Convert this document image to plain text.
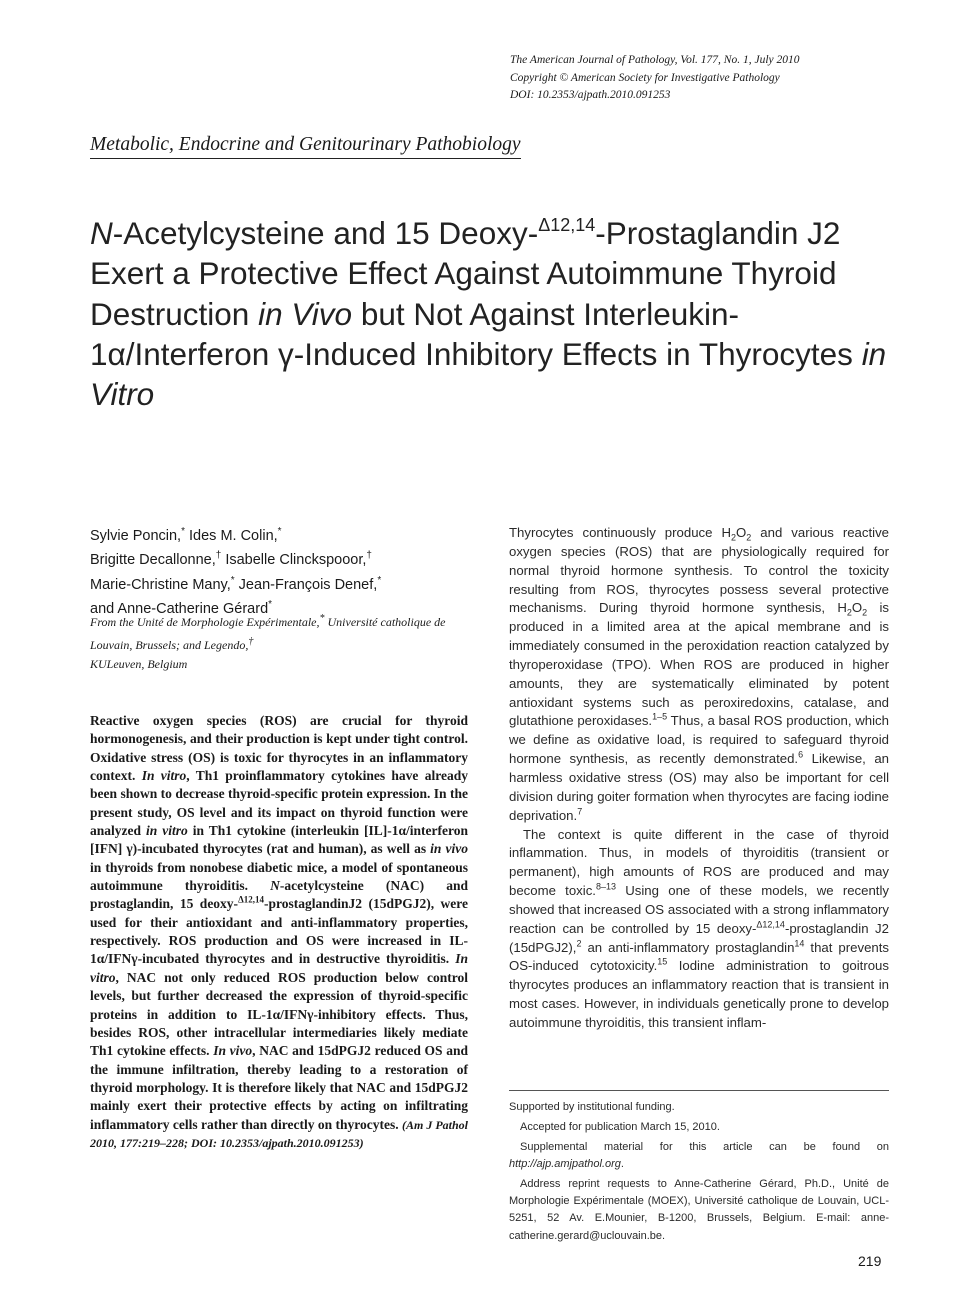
The American Journal of Pathology, Vol. 177, No. 1, July 2010
Copyright © American Society for Investigative Pathology
DOI: 10.2353/ajpath.2010.091253
Metabolic, Endocrine and Genitourinary Pathobiology
N-Acetylcysteine and 15 Deoxy-$^{\Delta 12,14}$-Prostaglandin J2 Exert a Protective Effect Against Autoimmune Thyroid Destruction in Vivo but Not Against Interleukin-1α/Interferon γ-Induced Inhibitory Effects in Thyrocytes in Vitro
Sylvie Poncin,* Ides M. Colin,*
Brigitte Decallonne,† Isabelle Clinckspooor,†
Marie-Christine Many,* Jean-François Denef,*
and Anne-Catherine Gérard*
From the Unité de Morphologie Expérimentale,* Université catholique de Louvain, Brussels; and Legendo,†
KULeuven, Belgium
Reactive oxygen species (ROS) are crucial for thyroid hormonogenesis, and their production is kept under tight control. Oxidative stress (OS) is toxic for thyrocytes in an inflammatory context. In vitro, Th1 proinflammatory cytokines have already been shown to decrease thyroid-specific protein expression. In the present study, OS level and its impact on thyroid function were analyzed in vitro in Th1 cytokine (interleukin [IL]-1α/interferon [IFN] γ)-incubated thyrocytes (rat and human), as well as in vivo in thyroids from nonobese diabetic mice, a model of spontaneous autoimmune thyroiditis. N-acetylcysteine (NAC) and prostaglandin, 15 deoxy-$^{\Delta 12,14}$-prostaglandinJ2 (15dPGJ2), were used for their antioxidant and anti-inflammatory properties, respectively. ROS production and OS were increased in IL-1α/IFNγ-incubated thyrocytes and in destructive thyroiditis. In vitro, NAC not only reduced ROS production below control levels, but further decreased the expression of thyroid-specific proteins in addition to IL-1α/IFNγ-inhibitory effects. Thus, besides ROS, other intracellular intermediaries likely mediate Th1 cytokine effects. In vivo, NAC and 15dPGJ2 reduced OS and the immune infiltration, thereby leading to a restoration of thyroid morphology. It is therefore likely that NAC and 15dPGJ2 mainly exert their protective effects by acting on infiltrating inflammatory cells rather than directly on thyrocytes. (Am J Pathol 2010, 177:219–228; DOI: 10.2353/ajpath.2010.091253)

Thyrocytes continuously produce $H_2O_2$ and various reactive oxygen species (ROS) that are physiologically required for normal thyroid hormone synthesis. To control the toxicity resulting from ROS, thyrocytes possess several protective mechanisms. During thyroid hormone synthesis, $H_2O_2$ is produced in a limited area at the apical membrane and is immediately consumed in the peroxidation reaction catalyzed by thyroperoxidase (TPO). When ROS are produced in higher amounts, they are systematically eliminated by potent antioxidant systems such as peroxiredoxins, catalase, and glutathione peroxidases.$^{1-5}$ Thus, a basal ROS production, which we define as oxidative load, is required to safeguard thyroid hormone synthesis, as recently demonstrated.$^6$ Likewise, an harmless oxidative stress (OS) may also be important for cell division during goiter formation when thyrocytes are facing iodine deprivation.$^7$

The context is quite different in the case of thyroid inflammation. Thus, in models of thyroiditis (transient or permanent), high amounts of ROS are produced and may become toxic.$^{8-13}$ Using one of these models, we recently showed that increased OS associated with a strong inflammatory reaction can be controlled by 15 deoxy-$^{\Delta 12,14}$-prostaglandin J2 (15dPGJ2),$^2$ an anti-inflammatory prostaglandin$^{14}$ that prevents OS-induced cytotoxicity.$^{15}$ Iodine administration to goitrous thyrocytes produces an inflammatory reaction that is transient in most cases. However, in individuals genetically prone to develop autoimmune thyroiditis, this transient inflam-

Supported by institutional funding.

Accepted for publication March 15, 2010.

Supplemental material for this article can be found on http://ajp.amjpathol.org.

Address reprint requests to Anne-Catherine Gérard, Ph.D., Unité de Morphologie Expérimentale (MOEX), Université catholique de Louvain, UCL-5251, 52 Av. E.Mounier, B-1200, Brussels, Belgium. E-mail: anne-catherine.gerard@uclouvain.be.

219
